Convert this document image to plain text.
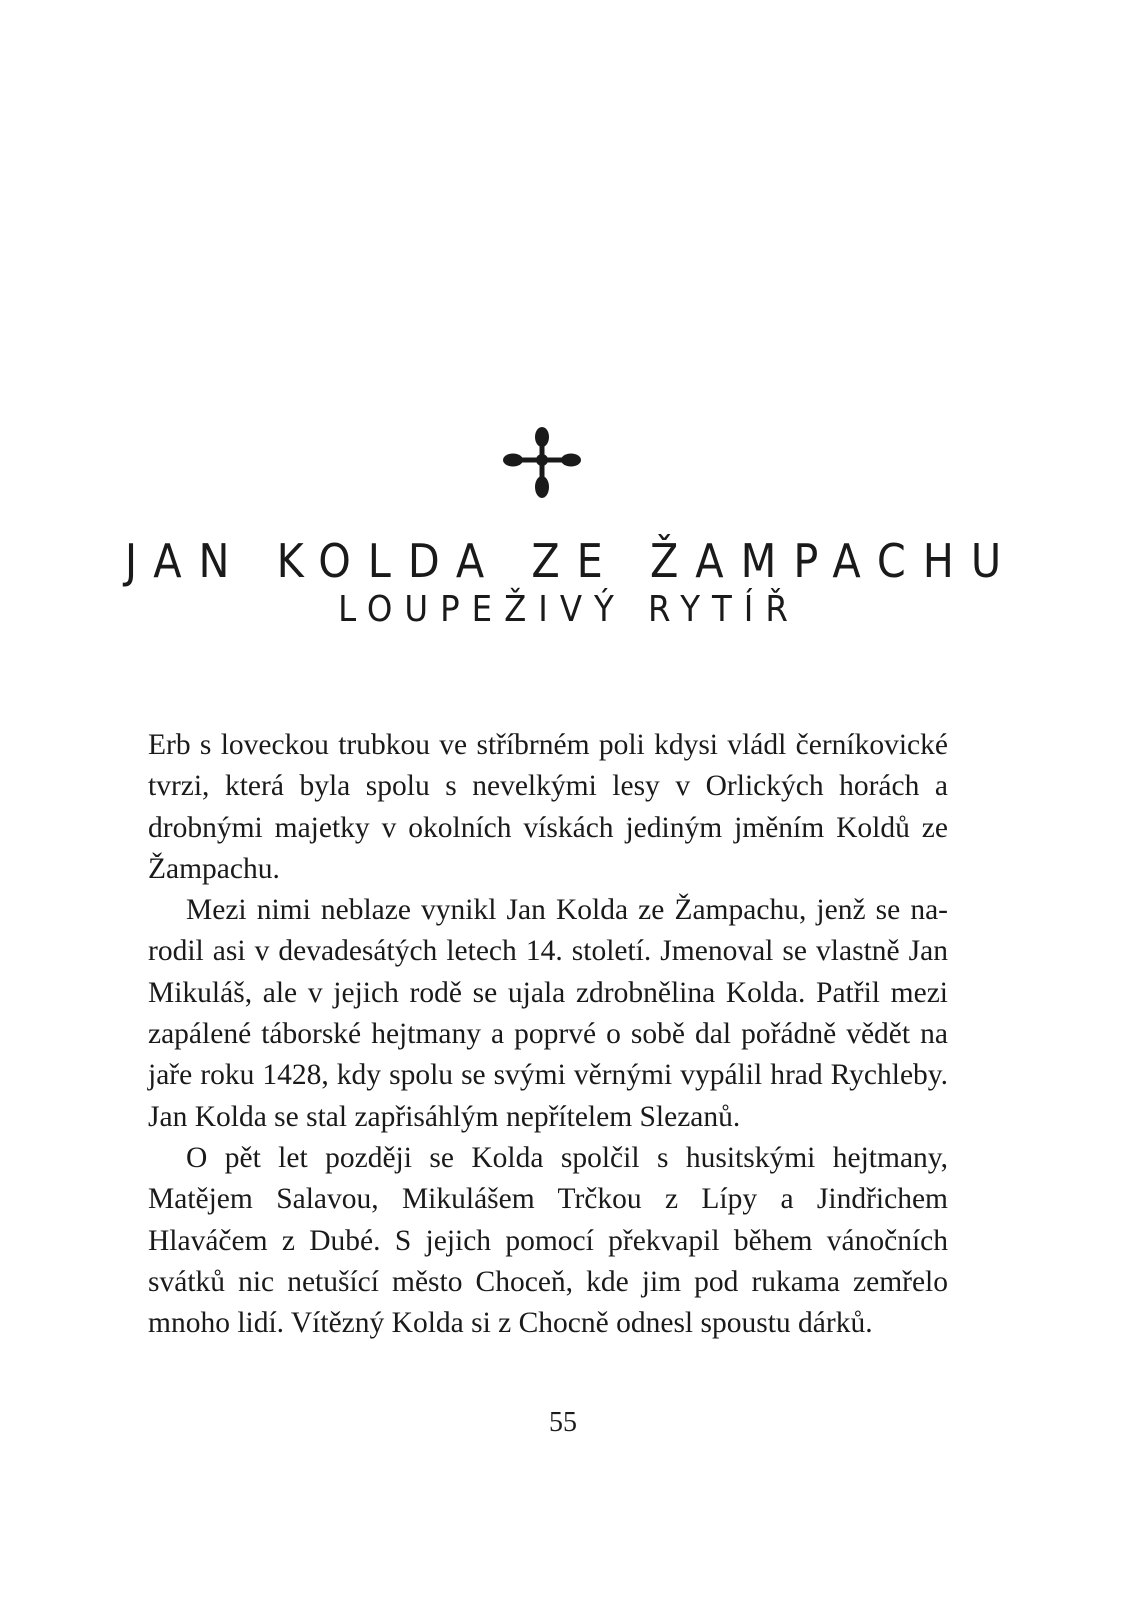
JAN KOLDA ZE ŽAMPACHU
LOUPEŽIVÝ RYTÍŘ

Erb s loveckou trubkou ve stříbrném poli kdysi vládl černíkovické tvrzi, která byla spolu s nevelkými lesy v Orlických horách a drobnými majetky v okolních vískách jediným jměním Koldů ze Žampachu.

Mezi nimi neblaze vynikl Jan Kolda ze Žampachu, jenž se narodil asi v devadesátých letech 14. století. Jmenoval se vlastně Jan Mikuláš, ale v jejich rodě se ujala zdrobnělina Kolda. Patřil mezi zapálené táborské hejtmany a poprvé o sobě dal pořádně vědět na jaře roku 1428, kdy spolu se svými věrnými vypálil hrad Rychleby. Jan Kolda se stal zapřisáhlým nepřítelem Slezanů.

O pět let později se Kolda spolčil s husitskými hejtmany, Matějem Salavou, Mikulášem Trčkou z Lípy a Jindřichem Hlaváčem z Dubé. S jejich pomocí překvapil během vánočních svátků nic netušící město Choceň, kde jim pod rukama zemřelo mnoho lidí. Vítězný Kolda si z Chocně odnesl spoustu dárků.

55
